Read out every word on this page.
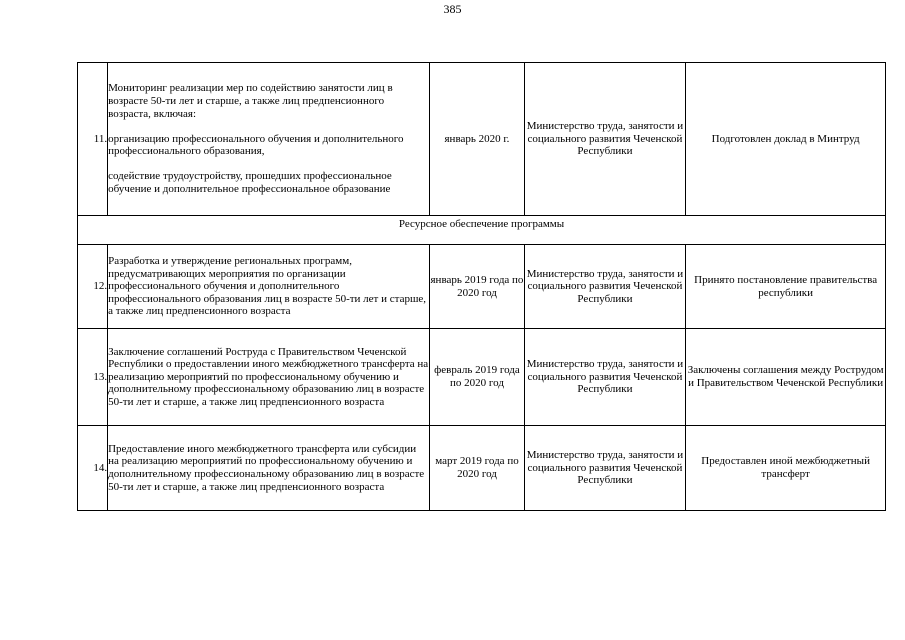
385
11.	Мониторинг реализации мер по содействию занятости лиц в возрасте 50-ти лет и старше, а также лиц предпенсионного возраста, включая:
организацию профессионального обучения и дополнительного профессионального образования,
содействие трудоустройству, прошедших профессиональное обучение и дополнительное профессиональное образование	январь 2020 г.	Министерство труда, занятости и социального развития Чеченской Республики	Подготовлен доклад в Минтруд
Ресурсное обеспечение программы				
12.	Разработка и утверждение региональных программ, предусматривающих мероприятия по организации профессионального обучения и дополнительного профессионального образования лиц в возрасте 50-ти лет и старше, а также лиц предпенсионного возраста	январь 2019 года по 2020 год	Министерство труда, занятости и социального развития Чеченской Республики	Принято постановление правительства республики
13.	Заключение соглашений Роструда с Правительством Чеченской Республики о предоставлении иного межбюджетного трансферта на реализацию мероприятий по профессиональному обучению и дополнительному профессиональному образованию лиц в возрасте 50-ти лет и старше, а также лиц предпенсионного возраста	февраль 2019 года по 2020 год	Министерство труда, занятости и социального развития Чеченской Республики	Заключены соглашения между Рострудом и Правительством Чеченской Республики
14.	Предоставление иного межбюджетного трансферта или субсидии на реализацию мероприятий по профессиональному обучению и дополнительному профессиональному образованию лиц в возрасте 50-ти лет и старше, а также лиц предпенсионного возраста	март 2019 года по 2020 год	Министерство труда, занятости и социального развития Чеченской Республики	Предоставлен иной межбюджетный трансферт
